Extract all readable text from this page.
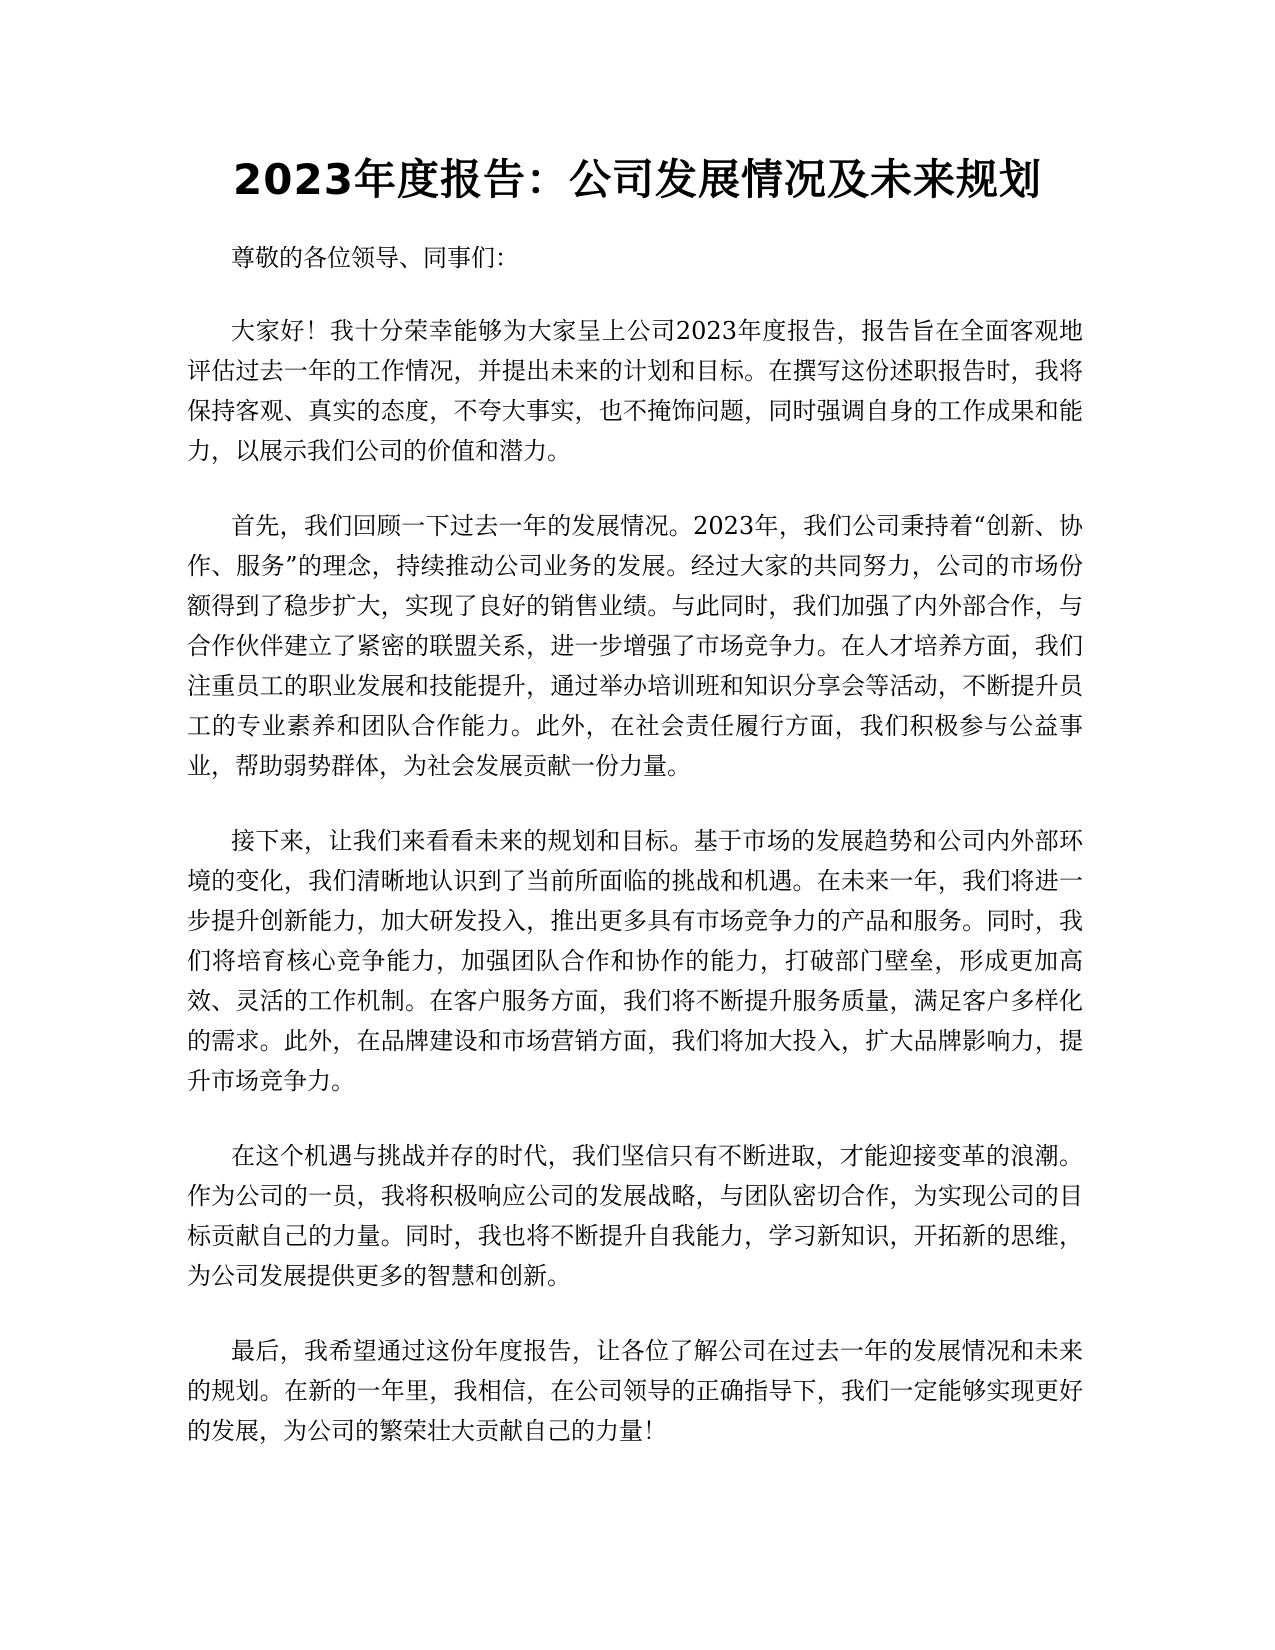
2023年度报告：公司发展情况及未来规划

尊敬的各位领导、同事们：

大家好！我十分荣幸能够为大家呈上公司2023年度报告，报告旨在全面客观地评估过去一年的工作情况，并提出未来的计划和目标。在撰写这份述职报告时，我将保持客观、真实的态度，不夸大事实，也不掩饰问题，同时强调自身的工作成果和能力，以展示我们公司的价值和潜力。

首先，我们回顾一下过去一年的发展情况。2023年，我们公司秉持着“创新、协作、服务”的理念，持续推动公司业务的发展。经过大家的共同努力，公司的市场份额得到了稳步扩大，实现了良好的销售业绩。与此同时，我们加强了内外部合作，与合作伙伴建立了紧密的联盟关系，进一步增强了市场竞争力。在人才培养方面，我们注重员工的职业发展和技能提升，通过举办培训班和知识分享会等活动，不断提升员工的专业素养和团队合作能力。此外，在社会责任履行方面，我们积极参与公益事业，帮助弱势群体，为社会发展贡献一份力量。

接下来，让我们来看看未来的规划和目标。基于市场的发展趋势和公司内外部环境的变化，我们清晰地认识到了当前所面临的挑战和机遇。在未来一年，我们将进一步提升创新能力，加大研发投入，推出更多具有市场竞争力的产品和服务。同时，我们将培育核心竞争能力，加强团队合作和协作的能力，打破部门壁垒，形成更加高效、灵活的工作机制。在客户服务方面，我们将不断提升服务质量，满足客户多样化的需求。此外，在品牌建设和市场营销方面，我们将加大投入，扩大品牌影响力，提升市场竞争力。

在这个机遇与挑战并存的时代，我们坚信只有不断进取，才能迎接变革的浪潮。作为公司的一员，我将积极响应公司的发展战略，与团队密切合作，为实现公司的目标贡献自己的力量。同时，我也将不断提升自我能力，学习新知识，开拓新的思维，为公司发展提供更多的智慧和创新。

最后，我希望通过这份年度报告，让各位了解公司在过去一年的发展情况和未来的规划。在新的一年里，我相信，在公司领导的正确指导下，我们一定能够实现更好的发展，为公司的繁荣壮大贡献自己的力量！
